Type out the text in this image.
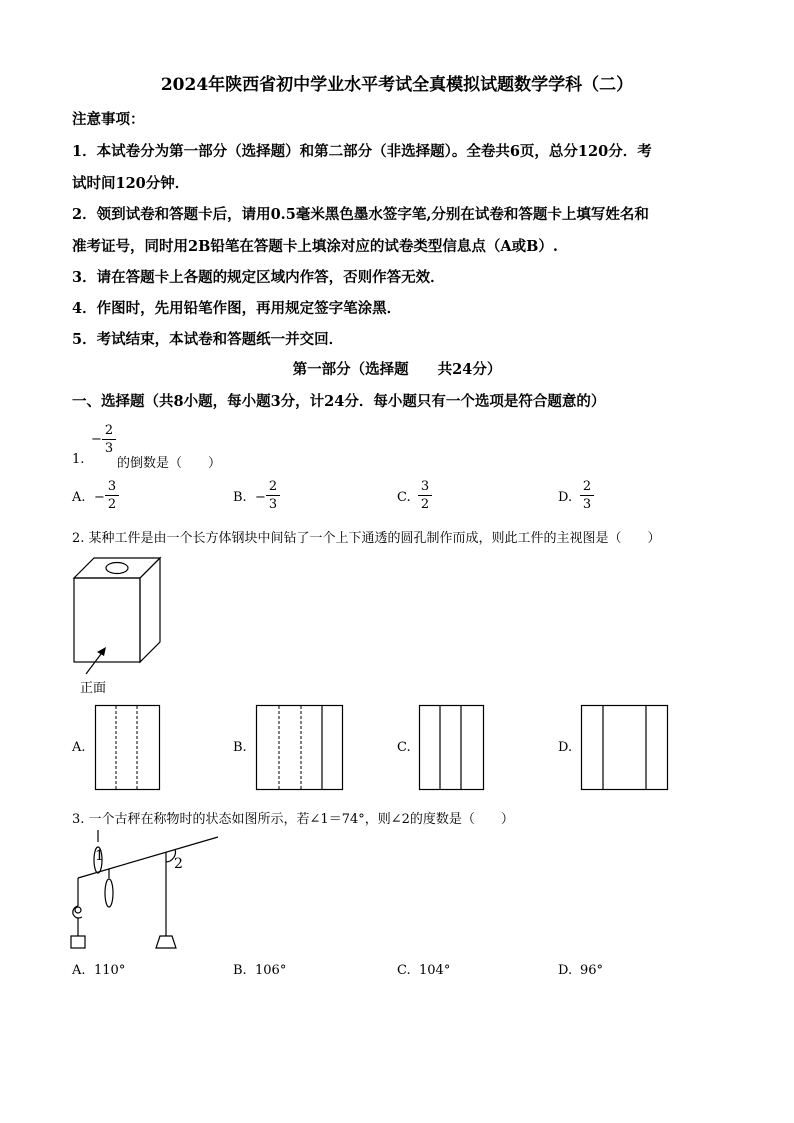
2024年陕西省初中学业水平考试全真模拟试题数学学科（二）
注意事项：
1．本试卷分为第一部分（选择题）和第二部分（非选择题）。全卷共6页，总分120分．考
试时间120分钟．
2．领到试卷和答题卡后，请用0.5毫米黑色墨水签字笔,分别在试卷和答题卡上填写姓名和
准考证号，同时用2B铅笔在答题卡上填涂对应的试卷类型信息点（A或B）.
3．请在答题卡上各题的规定区域内作答，否则作答无效．
4．作图时，先用铅笔作图，再用规定签字笔涂黑．
5．考试结束，本试卷和答题纸一并交回．
第一部分（选择题　　共24分）
一、选择题（共8小题，每小题3分，计24分．每小题只有一个选项是符合题意的）
1.
−
2
3
的倒数是（　　）
A. −
3
2	B. −
2
3	C.
3
2	D.
2
3
2. 某种工件是由一个长方体钢块中间钻了一个上下通透的圆孔制作而成，则此工件的主视图是（　　）
正面
A.	B.	C.	D.
3. 一个古秤在称物时的状态如图所示，若∠1＝74°，则∠2的度数是（　　）
1	2
A. 110°	B. 106°	C. 104°	D. 96°
